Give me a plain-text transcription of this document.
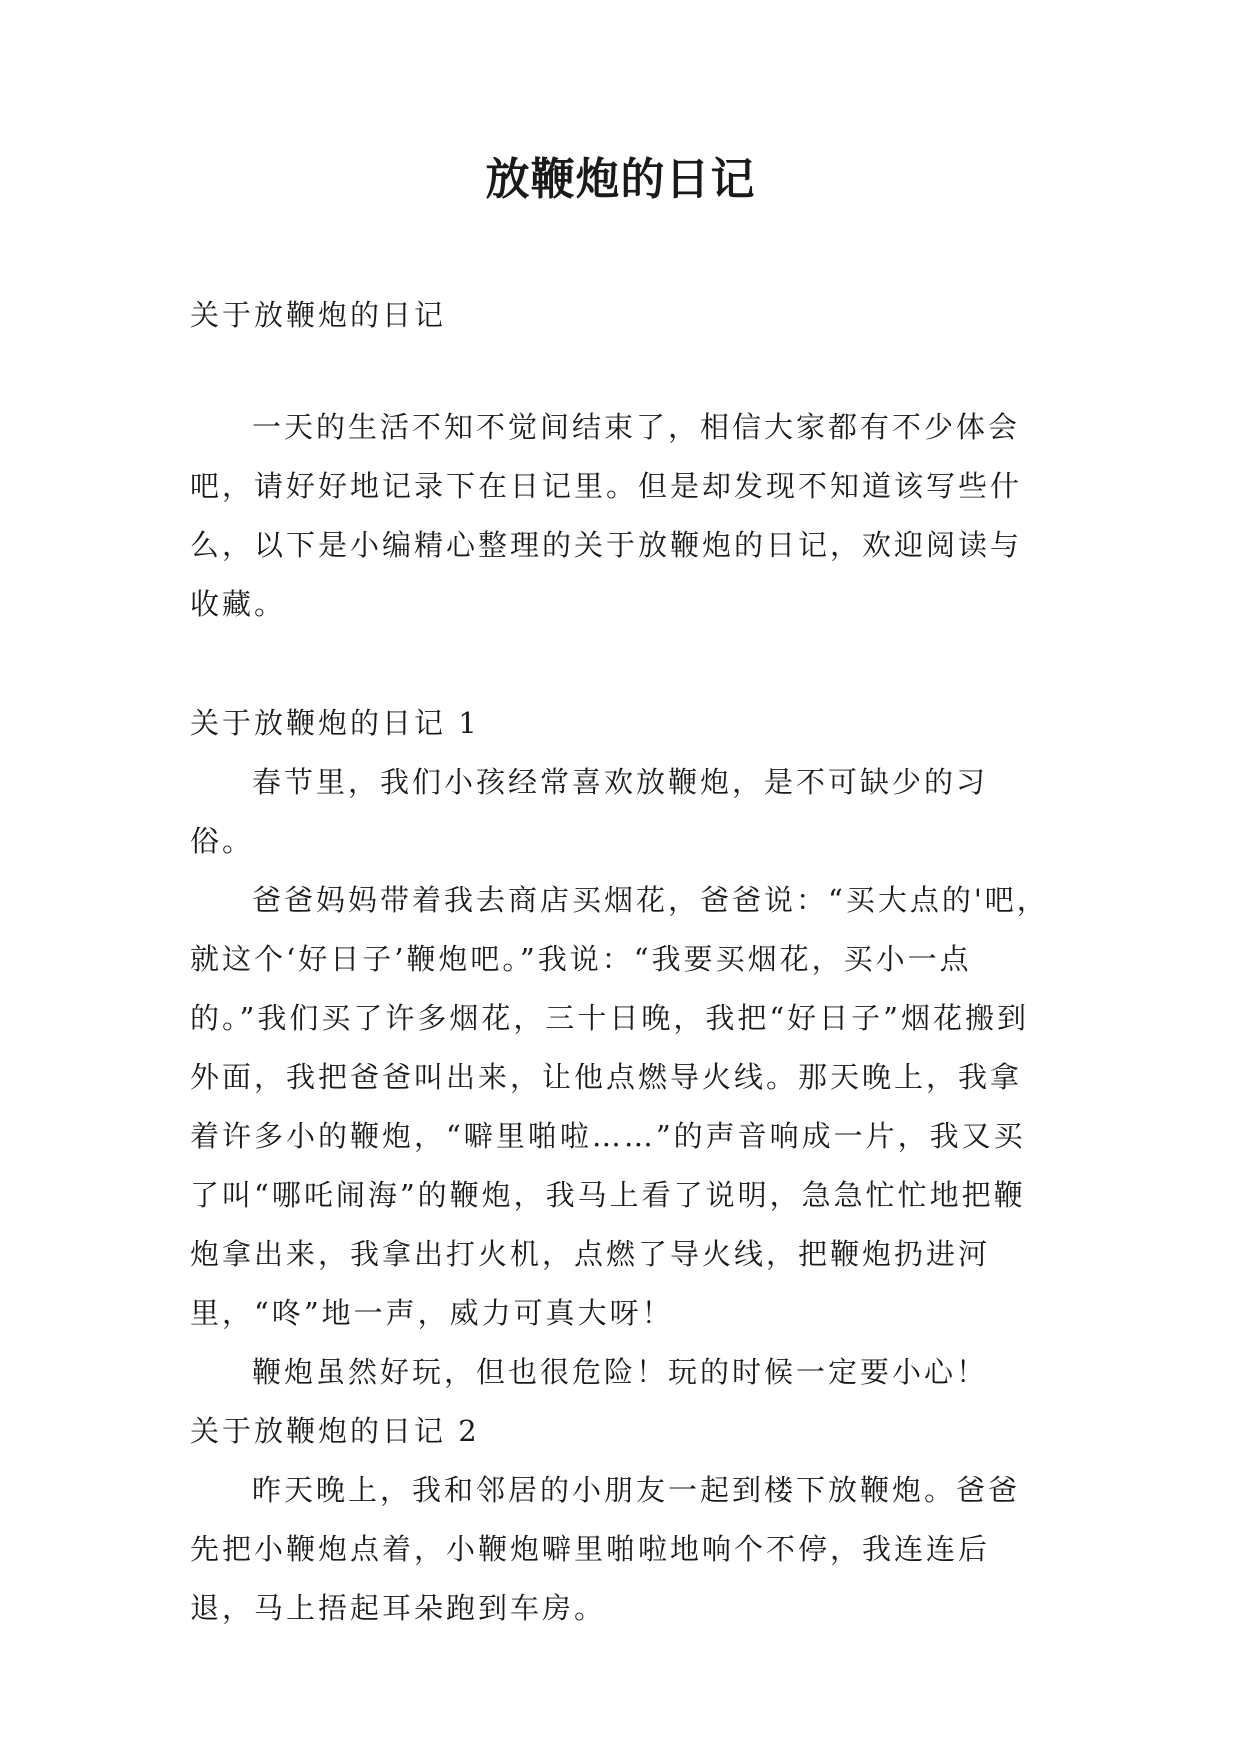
放鞭炮的日记

关于放鞭炮的日记

一天的生活不知不觉间结束了，相信大家都有不少体会吧，请好好地记录下在日记里。但是却发现不知道该写些什么，以下是小编精心整理的关于放鞭炮的日记，欢迎阅读与收藏。

关于放鞭炮的日记 1

春节里，我们小孩经常喜欢放鞭炮，是不可缺少的习俗。

爸爸妈妈带着我去商店买烟花，爸爸说：“买大点的'吧，就这个‘好日子’鞭炮吧。”我说：“我要买烟花，买小一点的。”我们买了许多烟花，三十日晚，我把“好日子”烟花搬到外面，我把爸爸叫出来，让他点燃导火线。那天晚上，我拿着许多小的鞭炮，“噼里啪啦……”的声音响成一片，我又买了叫“哪吒闹海”的鞭炮，我马上看了说明，急急忙忙地把鞭炮拿出来，我拿出打火机，点燃了导火线，把鞭炮扔进河里，“咚”地一声，威力可真大呀！

鞭炮虽然好玩，但也很危险！玩的时候一定要小心！

关于放鞭炮的日记 2

昨天晚上，我和邻居的小朋友一起到楼下放鞭炮。爸爸先把小鞭炮点着，小鞭炮噼里啪啦地响个不停，我连连后退，马上捂起耳朵跑到车房。
